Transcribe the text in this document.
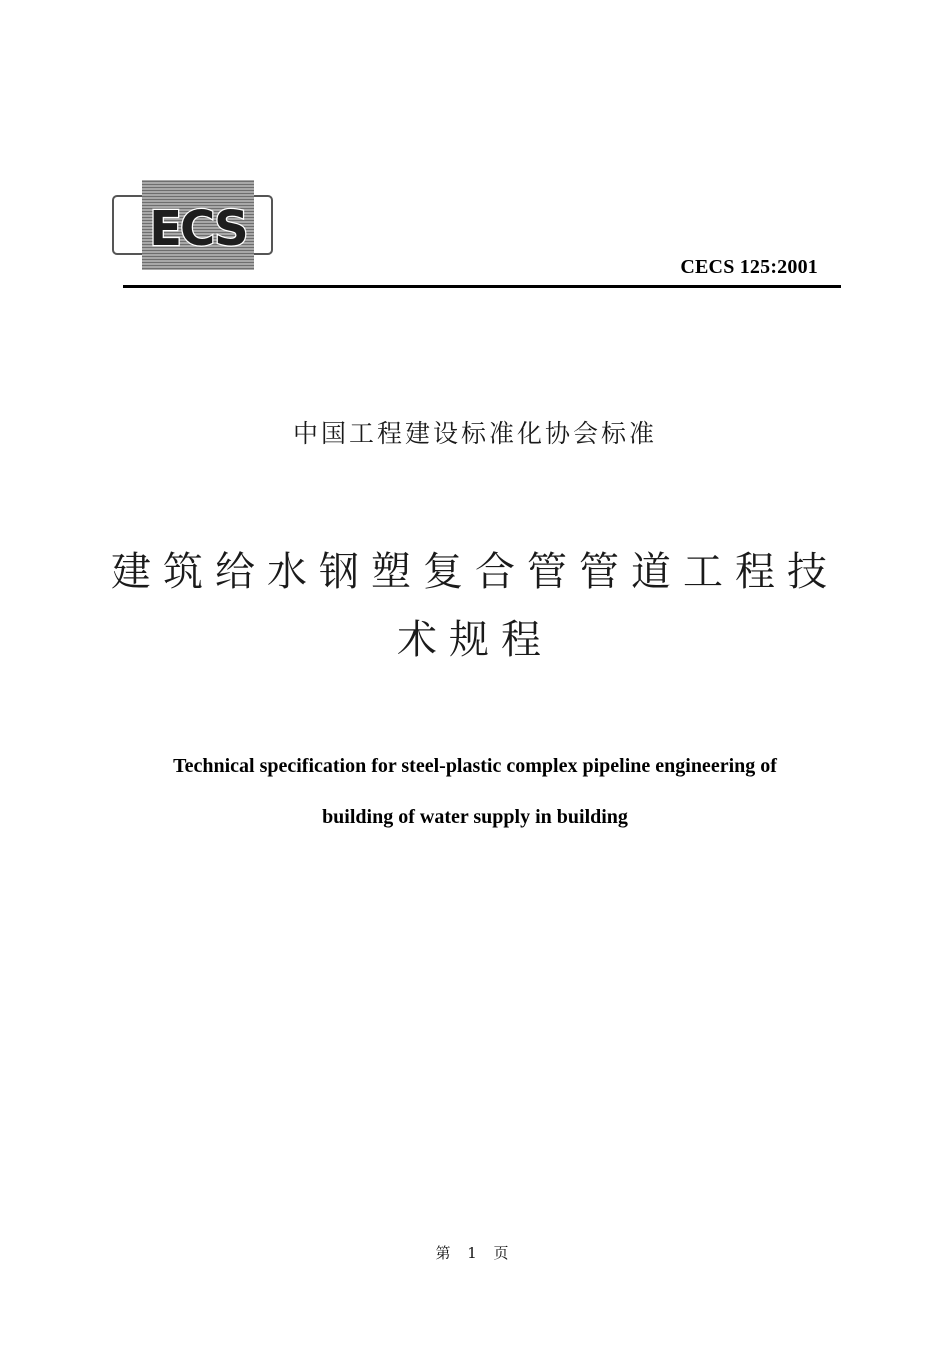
ECS
CECS 125:2001
中国工程建设标准化协会标准
建筑给水钢塑复合管管道工程技
术规程
Technical specification for steel-plastic complex pipeline engineering of
building of water supply in building
第 1 页
